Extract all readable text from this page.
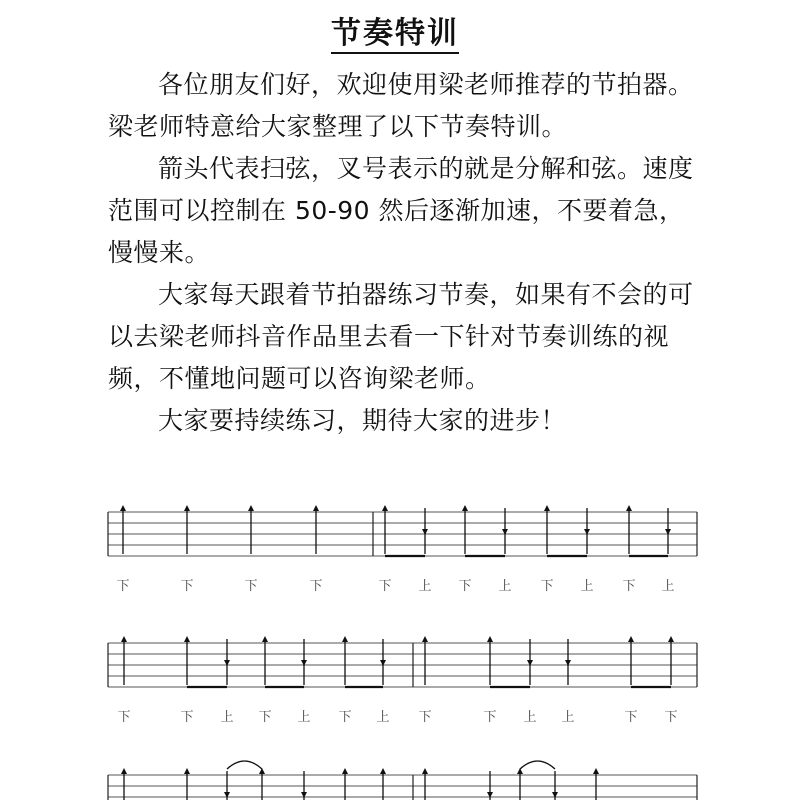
节奏特训

各位朋友们好，欢迎使用梁老师推荐的节拍器。梁老师特意给大家整理了以下节奏特训。

箭头代表扫弦，叉号表示的就是分解和弦。速度范围可以控制在 50-90 然后逐渐加速，不要着急，慢慢来。

大家每天跟着节拍器练习节奏，如果有不会的可以去梁老师抖音作品里去看一下针对节奏训练的视频，不懂地问题可以咨询梁老师。

大家要持续练习，期待大家的进步！

下	下	下	下	下 上 下 上 下 上 下 上
下	下 上 下 上 下 上 下	下 上 上	下 下
